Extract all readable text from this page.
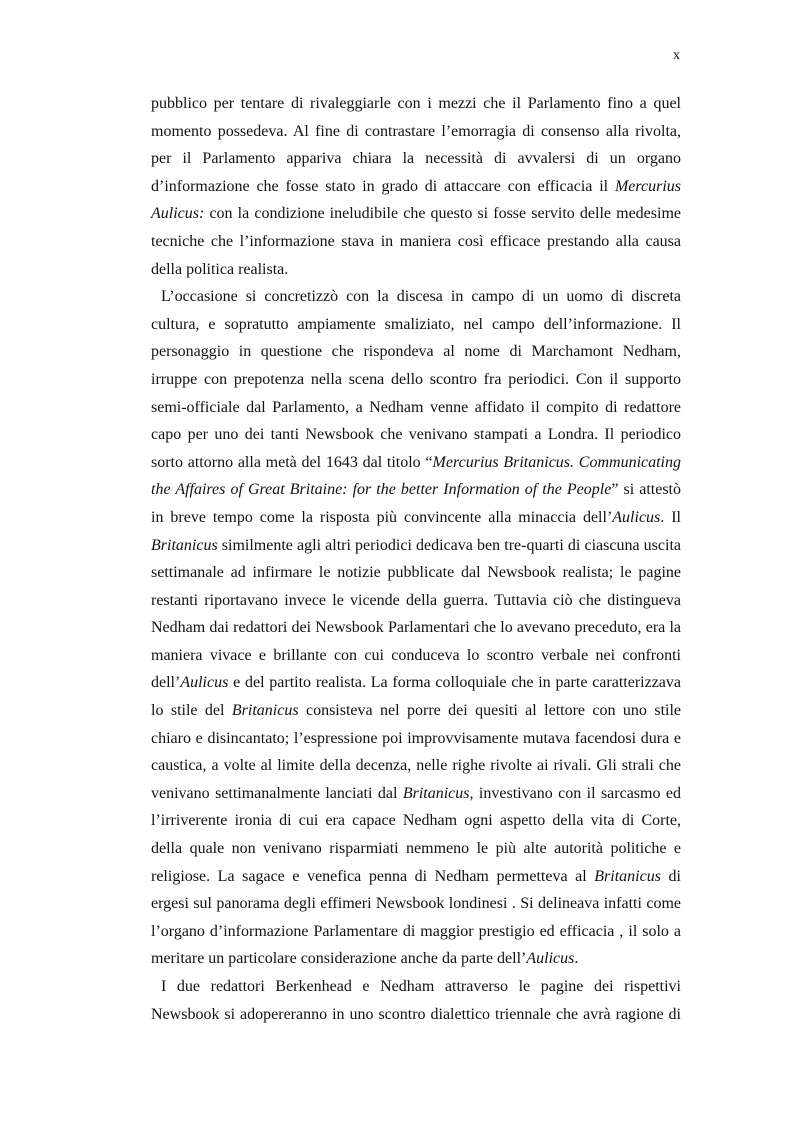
x
pubblico per tentare di rivaleggiarle con i mezzi che il Parlamento fino a quel
momento possedeva. Al fine di contrastare l’emorragia di consenso alla rivolta,
per il Parlamento appariva chiara la necessità di avvalersi di un organo
d’informazione che fosse stato in grado di attaccare con efficacia il Mercurius
Aulicus: con la condizione ineludibile che questo si fosse servito delle medesime
tecniche che l’informazione stava in maniera così efficace prestando alla causa
della politica realista.
L’occasione si concretizzò con la discesa in campo di un uomo di discreta
cultura, e sopratutto ampiamente smaliziato, nel campo dell’informazione. Il
personaggio in questione che rispondeva al nome di Marchamont Nedham,
irruppe con prepotenza nella scena dello scontro fra periodici. Con il supporto
semi-officiale dal Parlamento, a Nedham venne affidato il compito di redattore
capo per uno dei tanti Newsbook che venivano stampati a Londra. Il periodico
sorto attorno alla metà del 1643 dal titolo “Mercurius Britanicus. Communicating
the Affaires of Great Britaine: for the better Information of the People” si attestò
in breve tempo come la risposta più convincente alla minaccia dell’Aulicus. Il
Britanicus similmente agli altri periodici dedicava ben tre-quarti di ciascuna uscita
settimanale ad infirmare le notizie pubblicate dal Newsbook realista; le pagine
restanti riportavano invece le vicende della guerra. Tuttavia ciò che distingueva
Nedham dai redattori dei Newsbook Parlamentari che lo avevano preceduto, era la
maniera vivace e brillante con cui conduceva lo scontro verbale nei confronti
dell’Aulicus e del partito realista. La forma colloquiale che in parte caratterizzava
lo stile del Britanicus consisteva nel porre dei quesiti al lettore con uno stile
chiaro e disincantato; l’espressione poi improvvisamente mutava facendosi dura e
caustica, a volte al limite della decenza, nelle righe rivolte ai rivali. Gli strali che
venivano settimanalmente lanciati dal Britanicus, investivano con il sarcasmo ed
l’irriverente ironia di cui era capace Nedham ogni aspetto della vita di Corte,
della quale non venivano risparmiati nemmeno le più alte autorità politiche e
religiose. La sagace e venefica penna di Nedham permetteva al Britanicus di
ergesi sul panorama degli effimeri Newsbook londinesi . Si delineava infatti come
l’organo d’informazione Parlamentare di maggior prestigio ed efficacia , il solo a
meritare un particolare considerazione anche da parte dell’Aulicus.
I due redattori Berkenhead e Nedham attraverso le pagine dei rispettivi
Newsbook si adopereranno in uno scontro dialettico triennale che avrà ragione di
